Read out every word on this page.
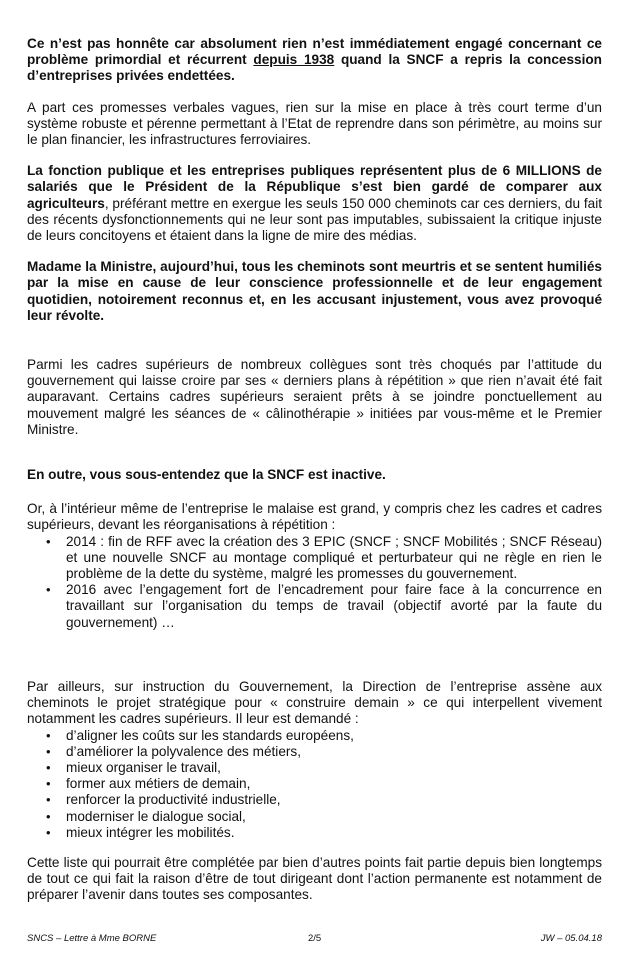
Ce n’est pas honnête car absolument rien n’est immédiatement engagé concernant ce problème primordial et récurrent depuis 1938 quand la SNCF a repris la concession d’entreprises privées endettées.

A part ces promesses verbales vagues, rien sur la mise en place à très court terme d’un système robuste et pérenne permettant à l’Etat de reprendre dans son périmètre, au moins sur le plan financier, les infrastructures ferroviaires.

La fonction publique et les entreprises publiques représentent plus de 6 MILLIONS de salariés que le Président de la République s’est bien gardé de comparer aux agriculteurs, préférant mettre en exergue les seuls 150 000 cheminots car ces derniers, du fait des récents dysfonctionnements qui ne leur sont pas imputables, subissaient la critique injuste de leurs concitoyens et étaient dans la ligne de mire des médias.

Madame la Ministre, aujourd’hui, tous les cheminots sont meurtris et se sentent humiliés par la mise en cause de leur conscience professionnelle et de leur engagement quotidien, notoirement reconnus et, en les accusant injustement, vous avez provoqué leur révolte.

Parmi les cadres supérieurs de nombreux collègues sont très choqués par l’attitude du gouvernement qui laisse croire par ses « derniers plans à répétition » que rien n’avait été fait auparavant. Certains cadres supérieurs seraient prêts à se joindre ponctuellement au mouvement malgré les séances de « câlinothérapie » initiées par vous-même et le Premier Ministre.

En outre, vous sous-entendez que la SNCF est inactive.

Or, à l’intérieur même de l’entreprise le malaise est grand, y compris chez les cadres et cadres supérieurs, devant les réorganisations à répétition :

• 2014 : fin de RFF avec la création des 3 EPIC (SNCF ; SNCF Mobilités ; SNCF Réseau) et une nouvelle SNCF au montage compliqué et perturbateur qui ne règle en rien le problème de la dette du système, malgré les promesses du gouvernement.
• 2016 avec l’engagement fort de l’encadrement pour faire face à la concurrence en travaillant sur l’organisation du temps de travail (objectif avorté par la faute du gouvernement) …

Par ailleurs, sur instruction du Gouvernement, la Direction de l’entreprise assène aux cheminots le projet stratégique pour « construire demain » ce qui interpellent vivement notamment les cadres supérieurs. Il leur est demandé :

• d’aligner les coûts sur les standards européens,
• d’améliorer la polyvalence des métiers,
• mieux organiser le travail,
• former aux métiers de demain,
• renforcer la productivité industrielle,
• moderniser le dialogue social,
• mieux intégrer les mobilités.

Cette liste qui pourrait être complétée par bien d’autres points fait partie depuis bien longtemps de tout ce qui fait la raison d’être de tout dirigeant dont l’action permanente est notamment de préparer l’avenir dans toutes ses composantes.

SNCS – Lettre à Mme BORNE	2/5	JW – 05.04.18
